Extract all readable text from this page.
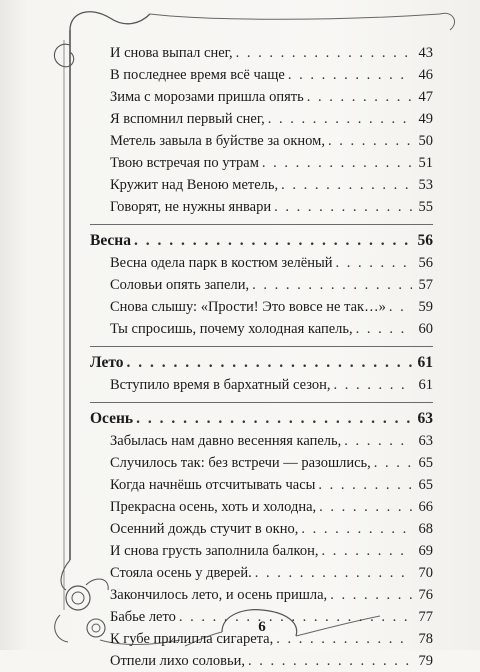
И снова выпал снег, . . .	43
В последнее время всё чаще . . .	46
Зима с морозами пришла опять . . .	47
Я вспомнил первый снег, . . .	49
Метель завыла в буйстве за окном, . . .	50
Твою встречая по утрам . . .	51
Кружит над Веною метель, . . .	53
Говорят, не нужны январи . . .	55
Весна . . .	56
Весна одела парк в костюм зелёный . . .	56
Соловьи опять запели, . . .	57
Снова слышу: «Прости! Это вовсе не так…» . . . 59
Ты спросишь, почему холодная капель, . . .	60
Лето . . .	61
Вступило время в бархатный сезон, . . .	61
Осень . . .	63
Забылась нам давно весенняя капель, . . .	63
Случилось так: без встречи — разошлись, . . .	65
Когда начнёшь отсчитывать часы . . .	65
Прекрасна осень, хоть и холодна, . . .	66
Осенний дождь стучит в окно, . . .	68
И снова грусть заполнила балкон, . . .	69
Стояла осень у дверей. . . .	70
Закончилось лето, и осень пришла, . . .	76
Бабье лето . . .	77
К губе прилипла сигарета, . . .	78
Отпели лихо соловьи, . . .	79
6
